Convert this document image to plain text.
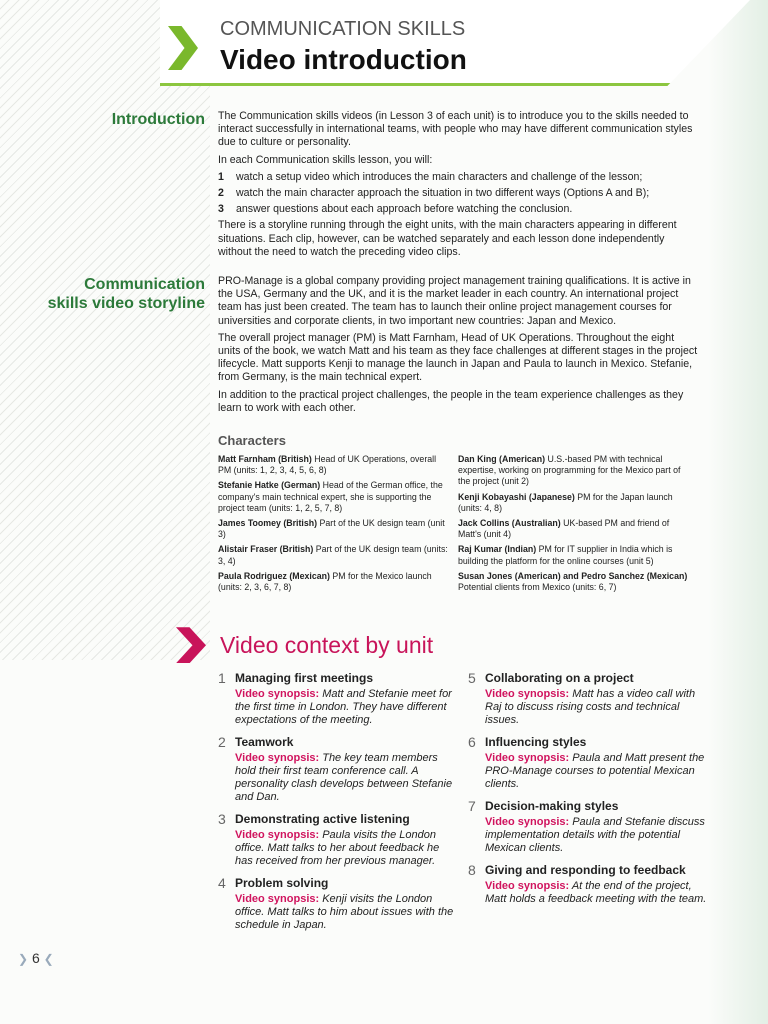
COMMUNICATION SKILLS
Video introduction
Introduction The Communication skills videos (in Lesson 3 of each unit) is to introduce you to the skills needed to interact successfully in international teams, with people who may have different communication styles due to culture or personality.

In each Communication skills lesson, you will:

1 watch a setup video which introduces the main characters and challenge of the lesson;
2 watch the main character approach the situation in two different ways (Options A and B);
3 answer questions about each approach before watching the conclusion.

There is a storyline running through the eight units, with the main characters appearing in different situations. Each clip, however, can be watched separately and each lesson done independently without the need to watch the preceding video clips.

Communication skills video storyline

PRO-Manage is a global company providing project management training qualifications. It is active in the USA, Germany and the UK, and it is the market leader in each country. An international project team has just been created. The team has to launch their online project management courses for universities and corporate clients, in two important new countries: Japan and Mexico.

The overall project manager (PM) is Matt Farnham, Head of UK Operations. Throughout the eight units of the book, we watch Matt and his team as they face challenges at different stages in the project lifecycle. Matt supports Kenji to manage the launch in Japan and Paula to launch in Mexico. Stefanie, from Germany, is the main technical expert.

In addition to the practical project challenges, the people in the team experience challenges as they learn to work with each other.

Characters
Matt Farnham (British) Head of UK Operations, overall PM (units: 1, 2, 3, 4, 5, 6, 8)
Stefanie Hatke (German) Head of the German office, the company's main technical expert, she is supporting the project team (units: 1, 2, 5, 7, 8)
James Toomey (British) Part of the UK design team (unit 3)
Alistair Fraser (British) Part of the UK design team (units: 3, 4)
Paula Rodriguez (Mexican) PM for the Mexico launch (units: 2, 3, 6, 7, 8)
Dan King (American) U.S.-based PM with technical expertise, working on programming for the Mexico part of the project (unit 2)
Kenji Kobayashi (Japanese) PM for the Japan launch (units: 4, 8)
Jack Collins (Australian) UK-based PM and friend of Matt's (unit 4)
Raj Kumar (Indian) PM for IT supplier in India which is building the platform for the online courses (unit 5)
Susan Jones (American) and Pedro Sanchez (Mexican) Potential clients from Mexico (units: 6, 7)
Video context by unit
1 Managing first meetings
Video synopsis: Matt and Stefanie meet for the first time in London. They have different expectations of the meeting.
2 Teamwork
Video synopsis: The key team members hold their first team conference call. A personality clash develops between Stefanie and Dan.
3 Demonstrating active listening
Video synopsis: Paula visits the London office. Matt talks to her about feedback he has received from her previous manager.
4 Problem solving
Video synopsis: Kenji visits the London office. Matt talks to him about issues with the schedule in Japan.
5 Collaborating on a project
Video synopsis: Matt has a video call with Raj to discuss rising costs and technical issues.
6 Influencing styles
Video synopsis: Paula and Matt present the PRO-Manage courses to potential Mexican clients.
7 Decision-making styles
Video synopsis: Paula and Stefanie discuss implementation details with the potential Mexican clients.
8 Giving and responding to feedback
Video synopsis: At the end of the project, Matt holds a feedback meeting with the team.
❯ 6 ❮
